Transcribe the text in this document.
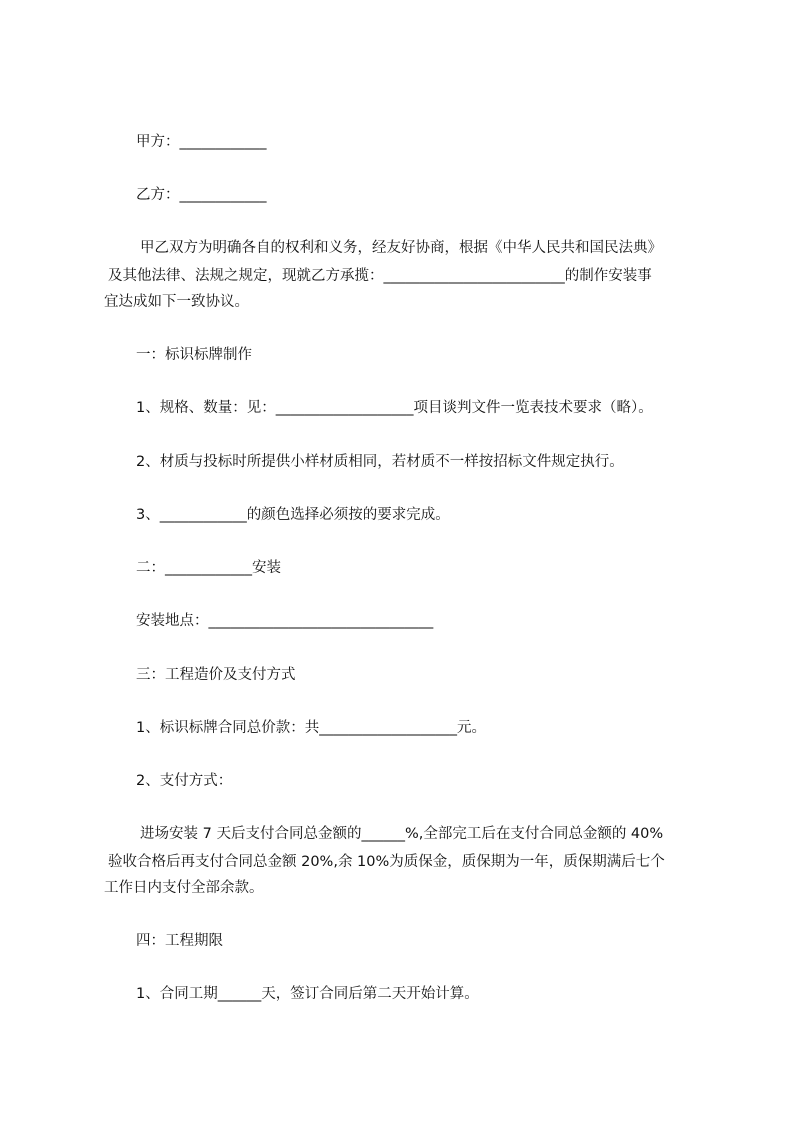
甲方：____________
乙方：____________
甲乙双方为明确各自的权利和义务，经友好协商，根据《中华人民共和国民法典》
及其他法律、法规之规定，现就乙方承揽：_________________________的制作安装事
宜达成如下一致协议。
一：标识标牌制作
1、规格、数量：见：___________________项目谈判文件一览表技术要求（略）。
2、材质与投标时所提供小样材质相同，若材质不一样按招标文件规定执行。
3、____________的颜色选择必须按的要求完成。
二：____________安装
安装地点：_______________________________
三：工程造价及支付方式
1、标识标牌合同总价款：共___________________元。
2、支付方式：
进场安装 7 天后支付合同总金额的______%,全部完工后在支付合同总金额的 40%
验收合格后再支付合同总金额 20%,余 10%为质保金，质保期为一年，质保期满后七个
工作日内支付全部余款。
四：工程期限
1、合同工期______天，签订合同后第二天开始计算。
